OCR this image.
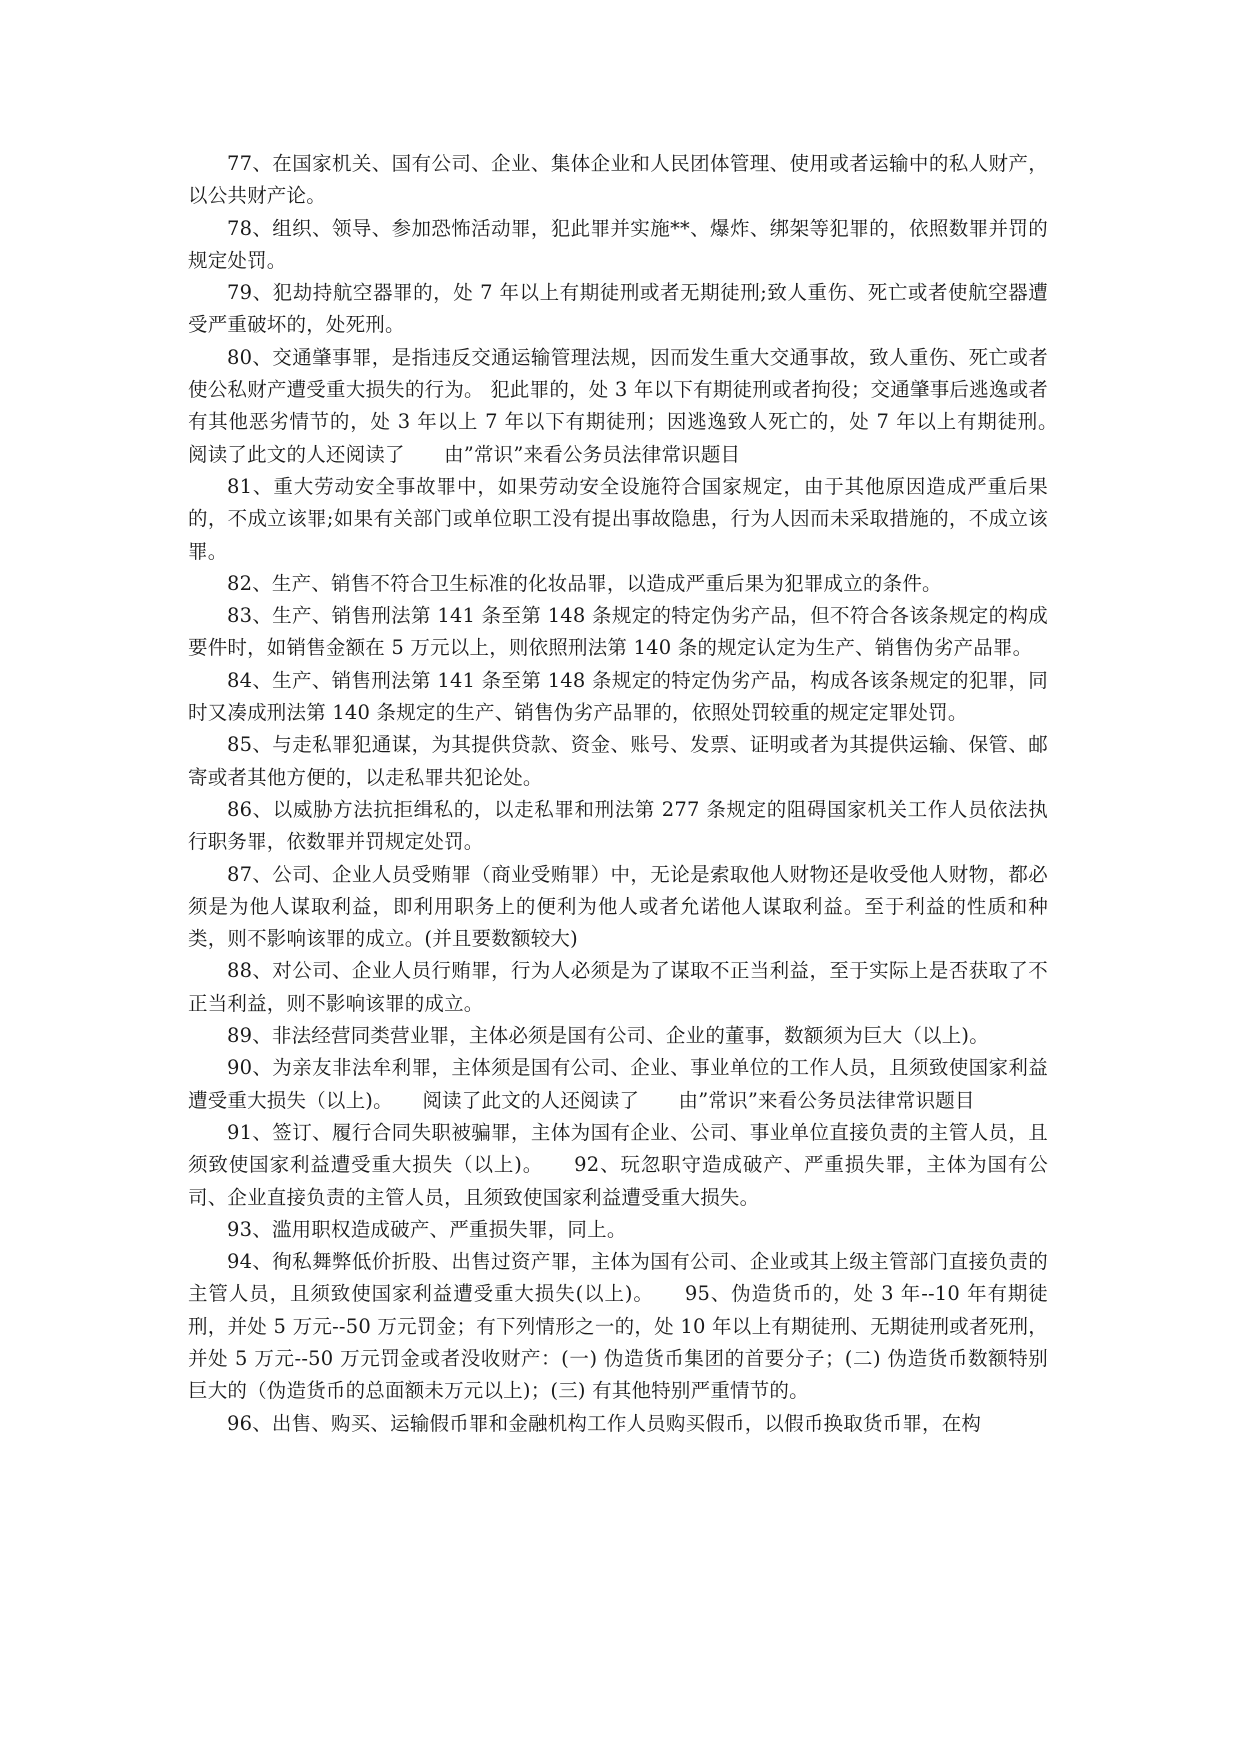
77、在国家机关、国有公司、企业、集体企业和人民团体管理、使用或者运输中的私人财产，以公共财产论。

78、组织、领导、参加恐怖活动罪，犯此罪并实施**、爆炸、绑架等犯罪的，依照数罪并罚的规定处罚。

79、犯劫持航空器罪的，处 7 年以上有期徒刑或者无期徒刑;致人重伤、死亡或者使航空器遭受严重破坏的，处死刑。

80、交通肇事罪，是指违反交通运输管理法规，因而发生重大交通事故，致人重伤、死亡或者使公私财产遭受重大损失的行为。 犯此罪的，处 3 年以下有期徒刑或者拘役；交通肇事后逃逸或者有其他恶劣情节的，处 3 年以上 7 年以下有期徒刑；因逃逸致人死亡的，处 7 年以上有期徒刑。　　阅读了此文的人还阅读了　　由”常识”来看公务员法律常识题目

81、重大劳动安全事故罪中，如果劳动安全设施符合国家规定，由于其他原因造成严重后果的，不成立该罪;如果有关部门或单位职工没有提出事故隐患，行为人因而未采取措施的，不成立该罪。

82、生产、销售不符合卫生标准的化妆品罪，以造成严重后果为犯罪成立的条件。

83、生产、销售刑法第 141 条至第 148 条规定的特定伪劣产品，但不符合各该条规定的构成要件时，如销售金额在 5 万元以上，则依照刑法第 140 条的规定认定为生产、销售伪劣产品罪。

84、生产、销售刑法第 141 条至第 148 条规定的特定伪劣产品，构成各该条规定的犯罪，同时又凑成刑法第 140 条规定的生产、销售伪劣产品罪的，依照处罚较重的规定定罪处罚。

85、与走私罪犯通谋，为其提供贷款、资金、账号、发票、证明或者为其提供运输、保管、邮寄或者其他方便的，以走私罪共犯论处。

86、以威胁方法抗拒缉私的，以走私罪和刑法第 277 条规定的阻碍国家机关工作人员依法执行职务罪，依数罪并罚规定处罚。

87、公司、企业人员受贿罪（商业受贿罪）中，无论是索取他人财物还是收受他人财物，都必须是为他人谋取利益，即利用职务上的便利为他人或者允诺他人谋取利益。至于利益的性质和种类，则不影响该罪的成立。(并且要数额较大)

88、对公司、企业人员行贿罪，行为人必须是为了谋取不正当利益，至于实际上是否获取了不正当利益，则不影响该罪的成立。

89、非法经营同类营业罪，主体必须是国有公司、企业的董事，数额须为巨大（以上)。

90、为亲友非法牟利罪，主体须是国有公司、企业、事业单位的工作人员，且须致使国家利益遭受重大损失（以上)。　　阅读了此文的人还阅读了　　由”常识”来看公务员法律常识题目

91、签订、履行合同失职被骗罪，主体为国有企业、公司、事业单位直接负责的主管人员，且须致使国家利益遭受重大损失（以上)。　　92、玩忽职守造成破产、严重损失罪，主体为国有公司、企业直接负责的主管人员，且须致使国家利益遭受重大损失。

93、滥用职权造成破产、严重损失罪，同上。

94、徇私舞弊低价折股、出售过资产罪，主体为国有公司、企业或其上级主管部门直接负责的主管人员，且须致使国家利益遭受重大损失(以上)。　　95、伪造货币的，处 3 年--10 年有期徒刑，并处 5 万元--50 万元罚金；有下列情形之一的，处 10 年以上有期徒刑、无期徒刑或者死刑，并处 5 万元--50 万元罚金或者没收财产：(一) 伪造货币集团的首要分子；(二) 伪造货币数额特别巨大的（伪造货币的总面额未万元以上)；(三) 有其他特别严重情节的。

96、出售、购买、运输假币罪和金融机构工作人员购买假币，以假币换取货币罪，在构
